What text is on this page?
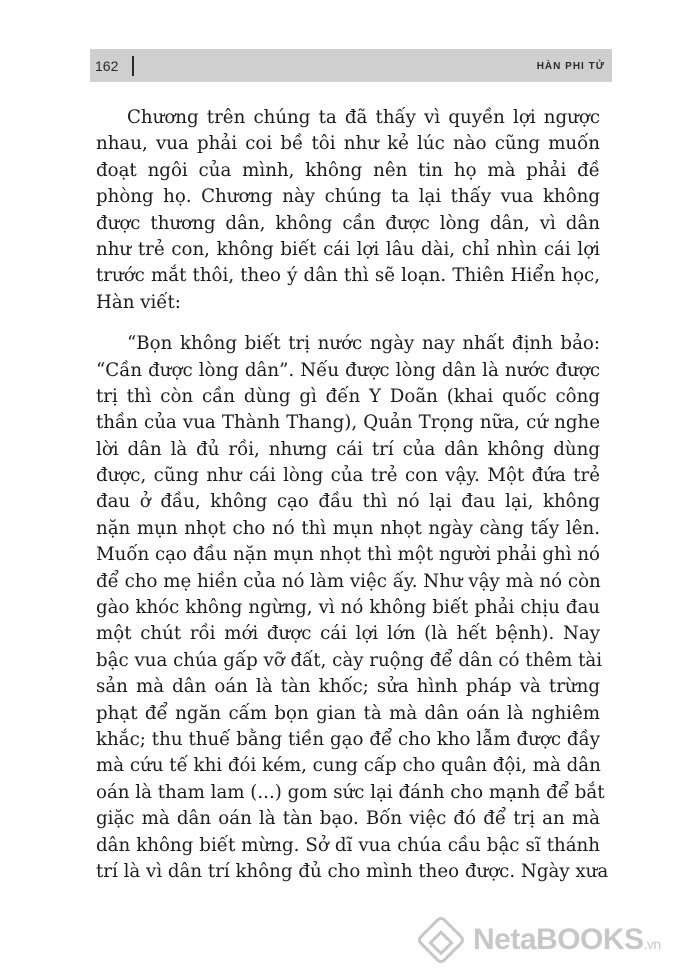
162	HÀN PHI TỬ
Chương trên chúng ta đã thấy vì quyền lợi ngược
nhau, vua phải coi bề tôi như kẻ lúc nào cũng muốn
đoạt ngôi của mình, không nên tin họ mà phải đề
phòng họ. Chương này chúng ta lại thấy vua không
được thương dân, không cần được lòng dân, vì dân
như trẻ con, không biết cái lợi lâu dài, chỉ nhìn cái lợi
trước mắt thôi, theo ý dân thì sẽ loạn. Thiên Hiển học,
Hàn viết:
“Bọn không biết trị nước ngày nay nhất định bảo:
“Cần được lòng dân”. Nếu được lòng dân là nước được
trị thì còn cần dùng gì đến Y Doãn (khai quốc công
thần của vua Thành Thang), Quản Trọng nữa, cứ nghe
lời dân là đủ rồi, nhưng cái trí của dân không dùng
được, cũng như cái lòng của trẻ con vậy. Một đứa trẻ
đau ở đầu, không cạo đầu thì nó lại đau lại, không
nặn mụn nhọt cho nó thì mụn nhọt ngày càng tấy lên.
Muốn cạo đầu nặn mụn nhọt thì một người phải ghì nó
để cho mẹ hiền của nó làm việc ấy. Như vậy mà nó còn
gào khóc không ngừng, vì nó không biết phải chịu đau
một chút rồi mới được cái lợi lớn (là hết bệnh). Nay
bậc vua chúa gấp vỡ đất, cày ruộng để dân có thêm tài
sản mà dân oán là tàn khốc; sửa hình pháp và trừng
phạt để ngăn cấm bọn gian tà mà dân oán là nghiêm
khắc; thu thuế bằng tiền gạo để cho kho lẫm được đầy
mà cứu tế khi đói kém, cung cấp cho quân đội, mà dân
oán là tham lam (...) gom sức lại đánh cho mạnh để bắt
giặc mà dân oán là tàn bạo. Bốn việc đó để trị an mà
dân không biết mừng. Sở dĩ vua chúa cầu bậc sĩ thánh
trí là vì dân trí không đủ cho mình theo được. Ngày xưa
NetaBOOKS.vn
